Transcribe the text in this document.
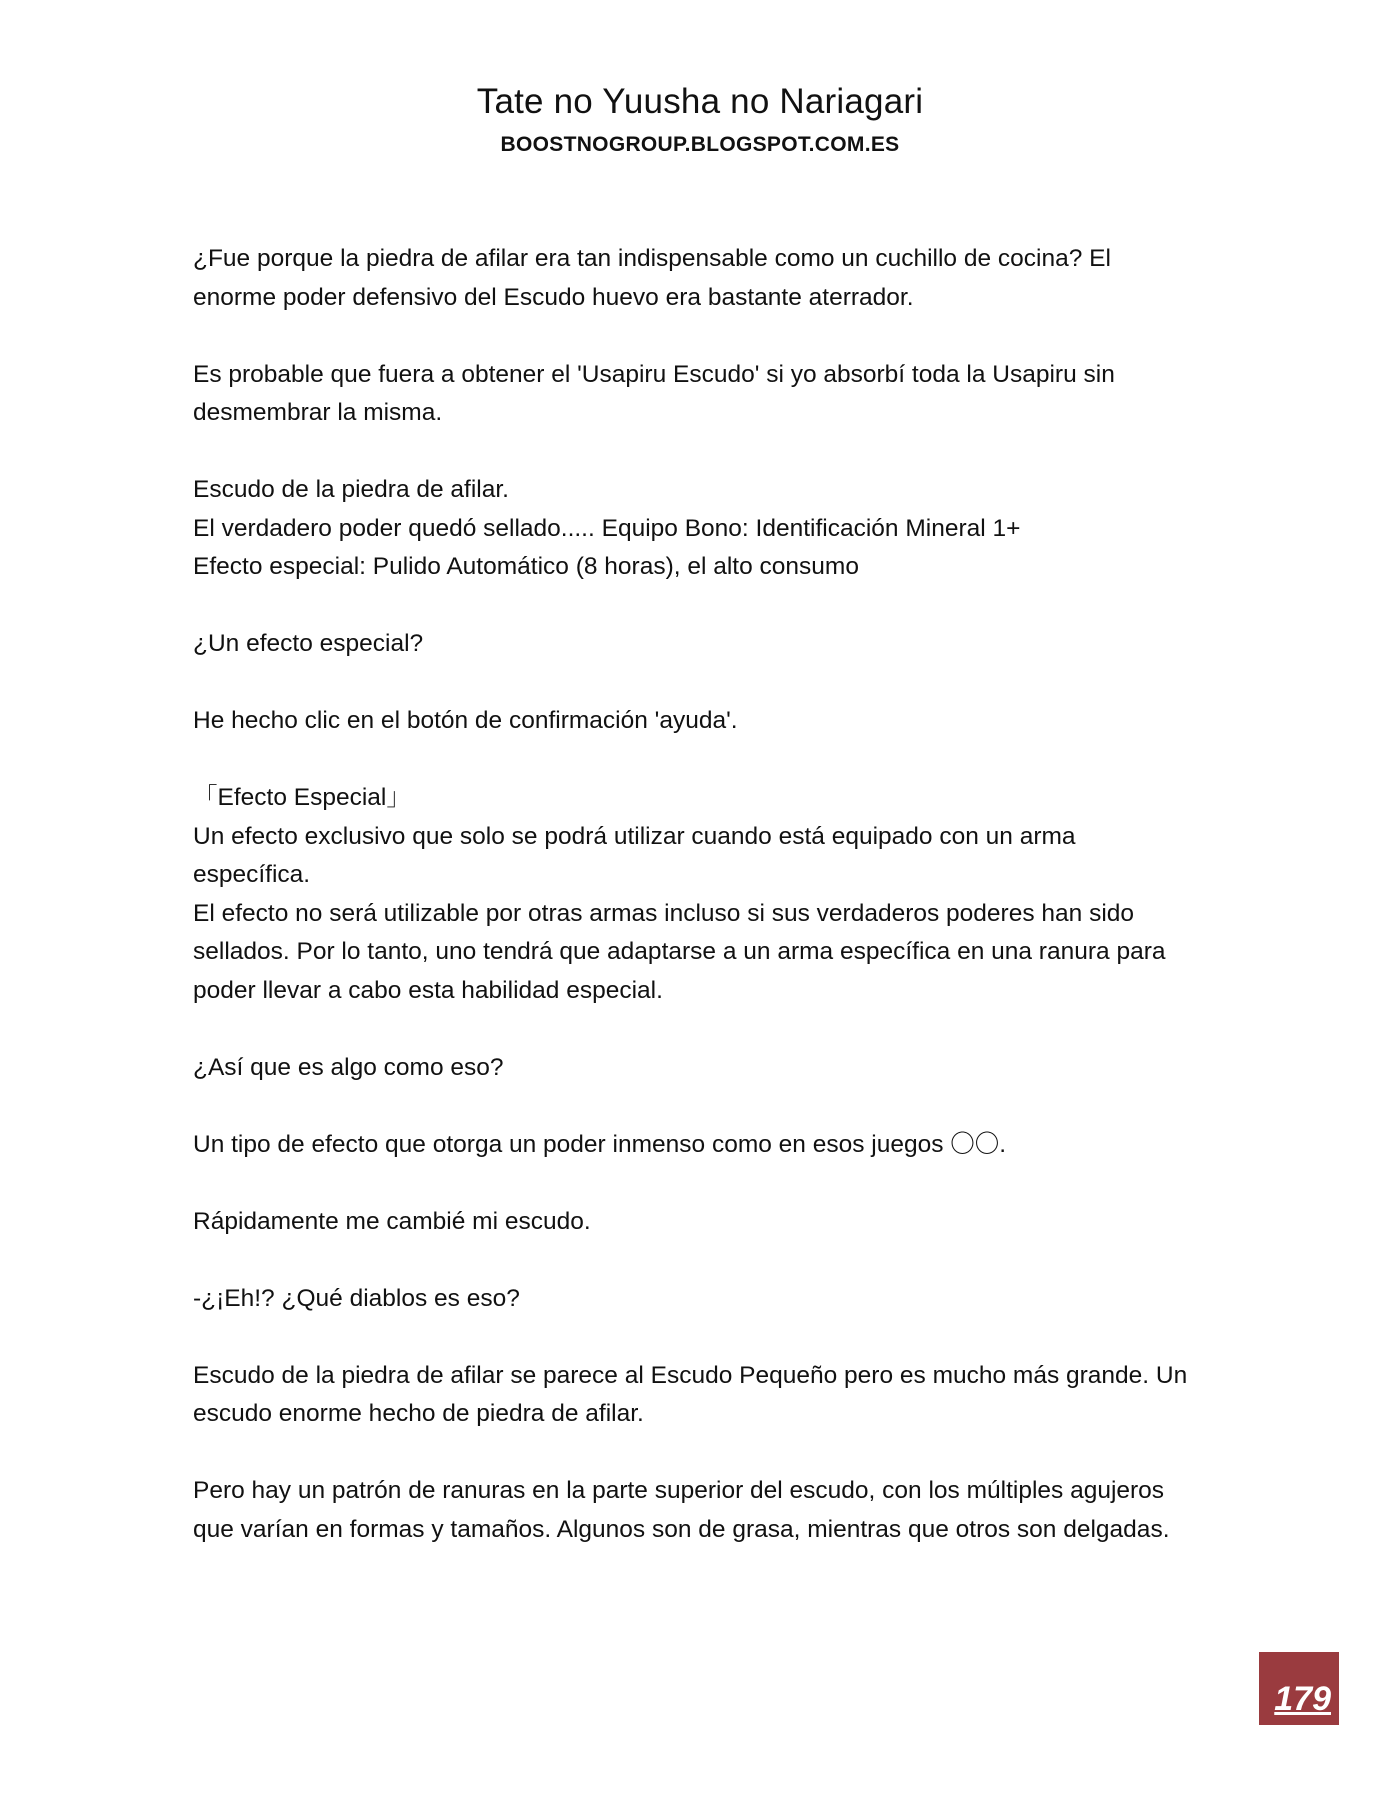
Tate no Yuusha no Nariagari
BOOSTNOGROUP.BLOGSPOT.COM.ES
¿Fue porque la piedra de afilar era tan indispensable como un cuchillo de cocina? El
enorme poder defensivo del Escudo huevo era bastante aterrador.
Es probable que fuera a obtener el 'Usapiru Escudo' si yo absorbí toda la Usapiru sin
desmembrar la misma.
Escudo de la piedra de afilar.
El verdadero poder quedó sellado..... Equipo Bono: Identificación Mineral 1+
Efecto especial: Pulido Automático (8 horas), el alto consumo
¿Un efecto especial?
He hecho clic en el botón de confirmación 'ayuda'.
「Efecto Especial」
Un efecto exclusivo que solo se podrá utilizar cuando está equipado con un arma
específica.
El efecto no será utilizable por otras armas incluso si sus verdaderos poderes han sido
sellados. Por lo tanto, uno tendrá que adaptarse a un arma específica en una ranura para
poder llevar a cabo esta habilidad especial.
¿Así que es algo como eso?
Un tipo de efecto que otorga un poder inmenso como en esos juegos 〇〇.
Rápidamente me cambié mi escudo.
-¿¡Eh!? ¿Qué diablos es eso?
Escudo de la piedra de afilar se parece al Escudo Pequeño pero es mucho más grande. Un
escudo enorme hecho de piedra de afilar.
Pero hay un patrón de ranuras en la parte superior del escudo, con los múltiples agujeros
que varían en formas y tamaños. Algunos son de grasa, mientras que otros son delgadas.
179
